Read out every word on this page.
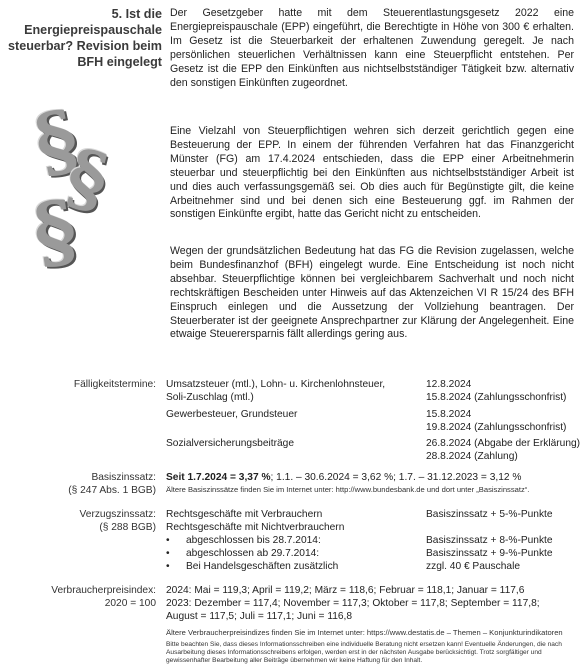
5. Ist die Energiepreispauschale steuerbar? Revision beim BFH eingelegt

Der Gesetzgeber hatte mit dem Steuerentlastungsgesetz 2022 eine Energiepreispauschale (EPP) eingeführt, die Berechtigte in Höhe von 300 € erhalten. Im Gesetz ist die Steuerbarkeit der erhaltenen Zuwendung geregelt. Je nach persönlichen steuerlichen Verhältnissen kann eine Steuerpflicht entstehen. Per Gesetz ist die EPP den Einkünften aus nichtselbstständiger Tätigkeit bzw. alternativ den sonstigen Einkünften zugeordnet.

Eine Vielzahl von Steuerpflichtigen wehren sich derzeit gerichtlich gegen eine Besteuerung der EPP. In einem der führenden Verfahren hat das Finanzgericht Münster (FG) am 17.4.2024 entschieden, dass die EPP einer Arbeitnehmerin steuerbar und steuerpflichtig bei den Einkünften aus nichtselbstständiger Arbeit ist und dies auch verfassungsgemäß sei. Ob dies auch für Begünstigte gilt, die keine Arbeitnehmer sind und bei denen sich eine Besteuerung ggf. im Rahmen der sonstigen Einkünfte ergibt, hatte das Gericht nicht zu entscheiden.

Wegen der grundsätzlichen Bedeutung hat das FG die Revision zugelassen, welche beim Bundesfinanzhof (BFH) eingelegt wurde. Eine Entscheidung ist noch nicht absehbar. Steuerpflichtige können bei vergleichbarem Sachverhalt und noch nicht rechtskräftigen Bescheiden unter Hinweis auf das Aktenzeichen VI R 15/24 des BFH Einspruch einlegen und die Aussetzung der Vollziehung beantragen. Der Steuerberater ist der geeignete Ansprechpartner zur Klärung der Angelegenheit. Eine etwaige Steuerersparnis fällt allerdings gering aus.

§
§
§
Fälligkeitstermine: Umsatzsteuer (mtl.), Lohn- u. Kirchenlohnsteuer,	12.8.2024
Soli-Zuschlag (mtl.)	15.8.2024 (Zahlungsschonfrist)
Gewerbesteuer, Grundsteuer	15.8.2024
19.8.2024 (Zahlungsschonfrist)
Sozialversicherungsbeiträge	26.8.2024 (Abgabe der Erklärung)
28.8.2024 (Zahlung)
Basiszinssatz:
(§ 247 Abs. 1 BGB)
Seit 1.7.2024 = 3,37 %; 1.1. – 30.6.2024 = 3,62 %; 1.7. – 31.12.2023 = 3,12 %
Ältere Basiszinssätze finden Sie im Internet unter: http://www.bundesbank.de und dort unter „Basiszinssatz“.
Verzugszinssatz:
(§ 288 BGB)
Rechtsgeschäfte mit Verbrauchern	Basiszinssatz + 5-%-Punkte
Rechtsgeschäfte mit Nichtverbrauchern
• abgeschlossen bis 28.7.2014:	Basiszinssatz + 8-%-Punkte
• abgeschlossen ab 29.7.2014:	Basiszinssatz + 9-%-Punkte
• Bei Handelsgeschäften zusätzlich	zzgl. 40 € Pauschale
Verbraucherpreisindex:
2020 = 100
2024: Mai = 119,3; April = 119,2; März = 118,6; Februar = 118,1; Januar = 117,6
2023: Dezember = 117,4; November = 117,3; Oktober = 117,8; September = 117,8;
August = 117,5; Juli = 117,1; Juni = 116,8
Ältere Verbraucherpreisindizes finden Sie im Internet unter: https://www.destatis.de – Themen – Konjunkturindikatoren
Bitte beachten Sie, dass dieses Informationsschreiben eine individuelle Beratung nicht ersetzen kann! Eventuelle Änderungen, die nach Ausarbeitung dieses Informationsschreibens erfolgen, werden erst in der nächsten Ausgabe berücksichtigt. Trotz sorgfältiger und gewissenhafter Bearbeitung aller Beiträge übernehmen wir keine Haftung für den Inhalt.
